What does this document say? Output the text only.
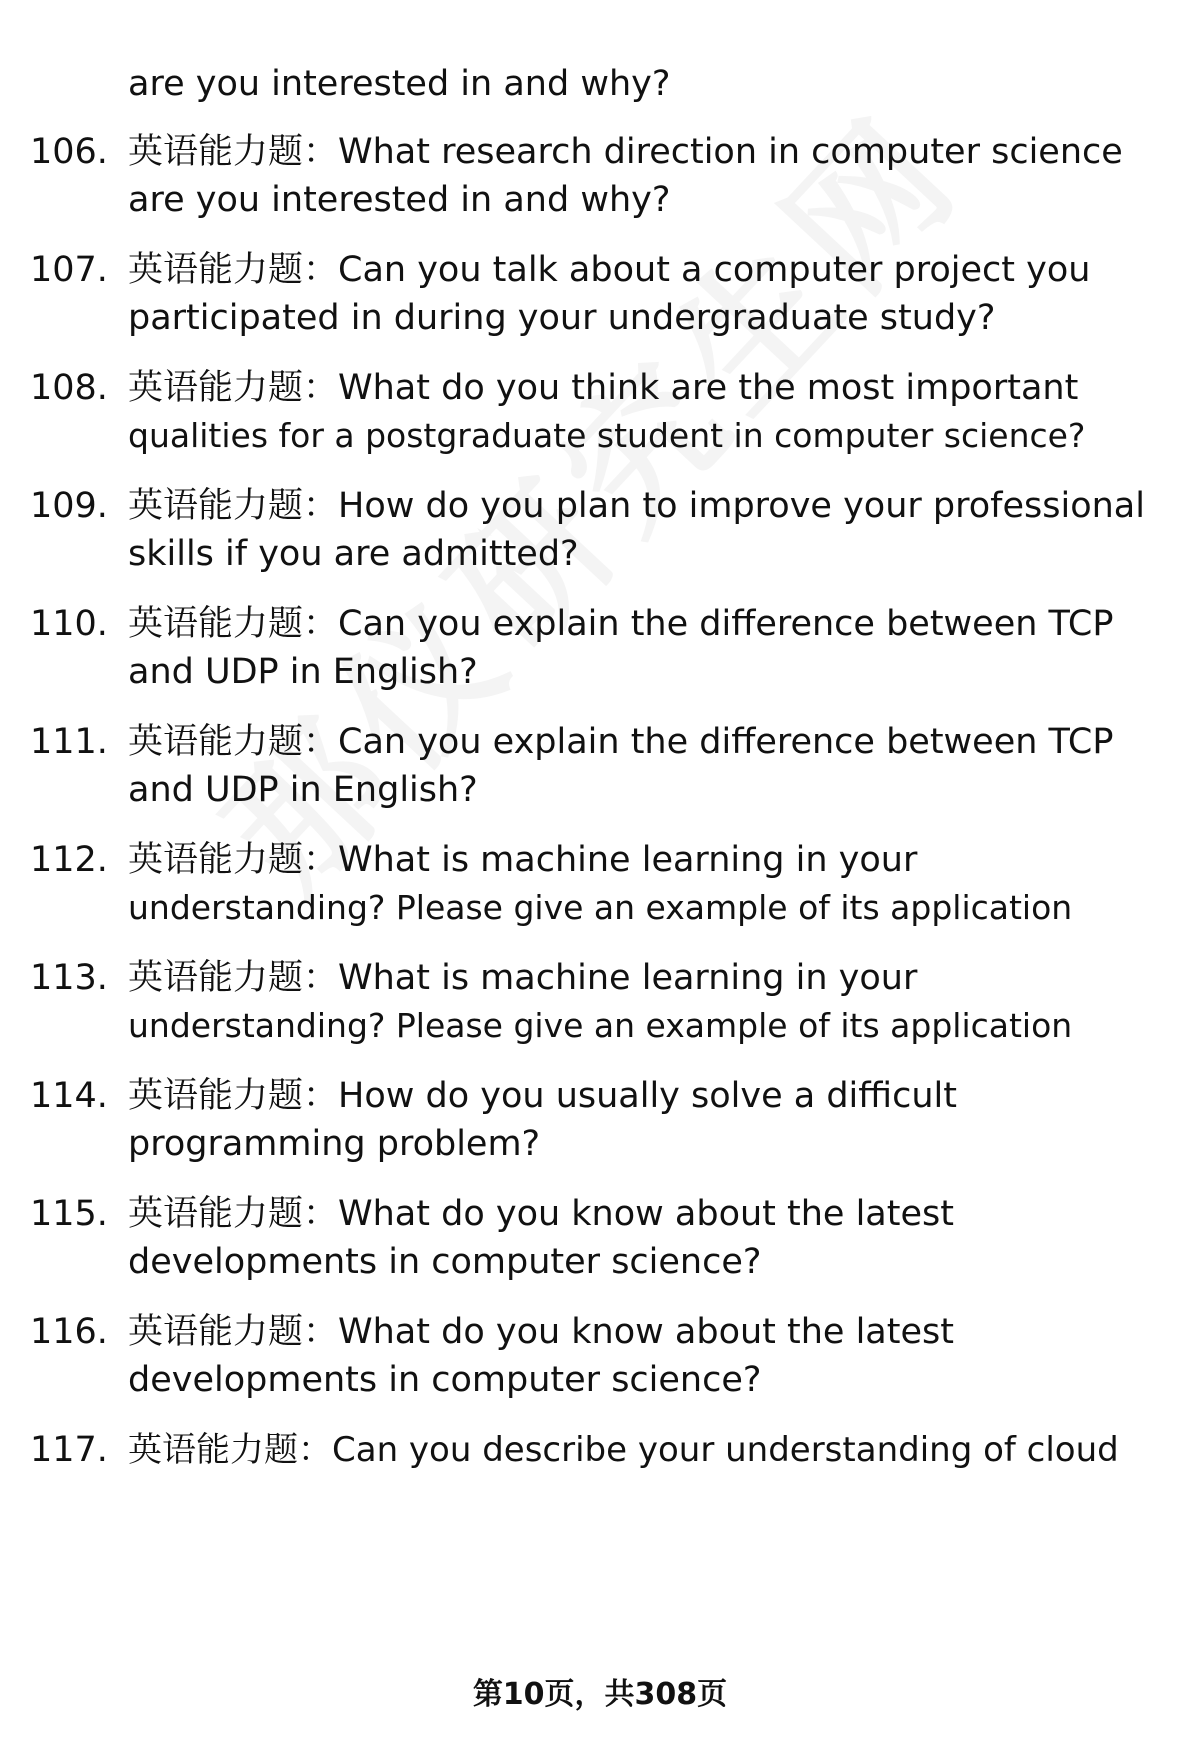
are you interested in and why?

106. 英语能力题：What research direction in computer science
are you interested in and why?
107. 英语能力题：Can you talk about a computer project you
participated in during your undergraduate study?
108. 英语能力题：What do you think are the most important
qualities for a postgraduate student in computer science?
109. 英语能力题：How do you plan to improve your professional
skills if you are admitted?
110. 英语能力题：Can you explain the difference between TCP
and UDP in English?
111. 英语能力题：Can you explain the difference between TCP
and UDP in English?
112. 英语能力题：What is machine learning in your
understanding? Please give an example of its application
113. 英语能力题：What is machine learning in your
understanding? Please give an example of its application
114. 英语能力题：How do you usually solve a difficult
programming problem?
115. 英语能力题：What do you know about the latest
developments in computer science?
116. 英语能力题：What do you know about the latest
developments in computer science?
117. 英语能力题：Can you describe your understanding of cloud
第10页，共308页
